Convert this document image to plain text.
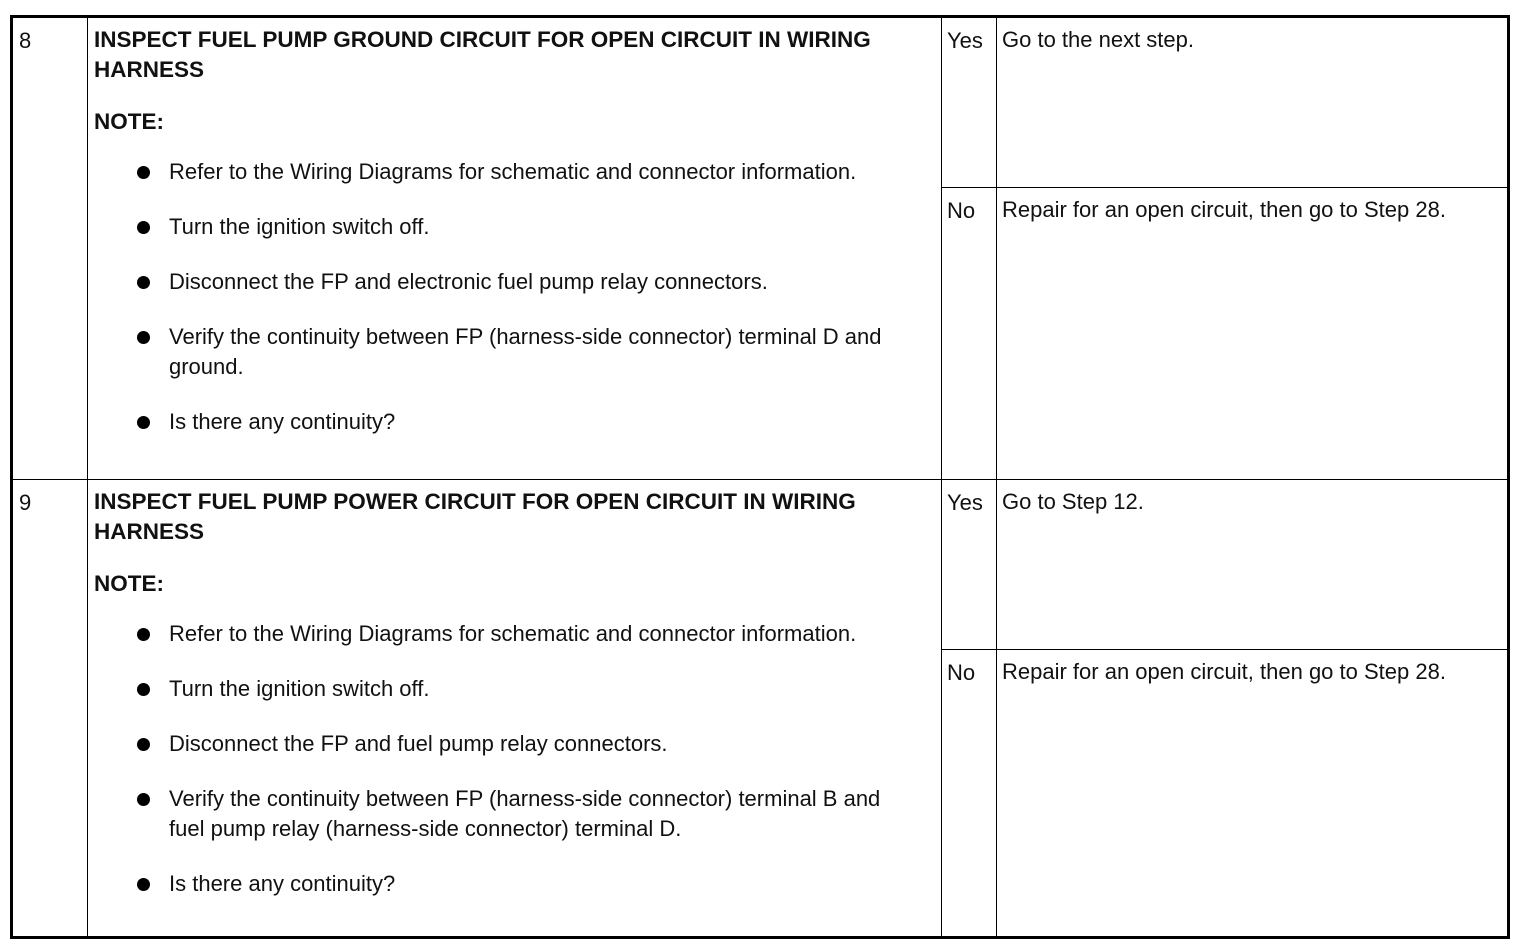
8	INSPECT FUEL PUMP GROUND CIRCUIT FOR OPEN CIRCUIT IN WIRING HARNESS
NOTE:
Refer to the Wiring Diagrams for schematic and connector information.
Turn the ignition switch off.
Disconnect the FP and electronic fuel pump relay connectors.
Verify the continuity between FP (harness-side connector) terminal D and ground.
Is there any continuity?
Yes Go to the next step.
No Repair for an open circuit, then go to Step 28.
9	INSPECT FUEL PUMP POWER CIRCUIT FOR OPEN CIRCUIT IN WIRING HARNESS
NOTE:
Refer to the Wiring Diagrams for schematic and connector information.
Turn the ignition switch off.
Disconnect the FP and fuel pump relay connectors.
Verify the continuity between FP (harness-side connector) terminal B and fuel pump relay (harness-side connector) terminal D.
Is there any continuity?
Yes Go to Step 12.
No Repair for an open circuit, then go to Step 28.
